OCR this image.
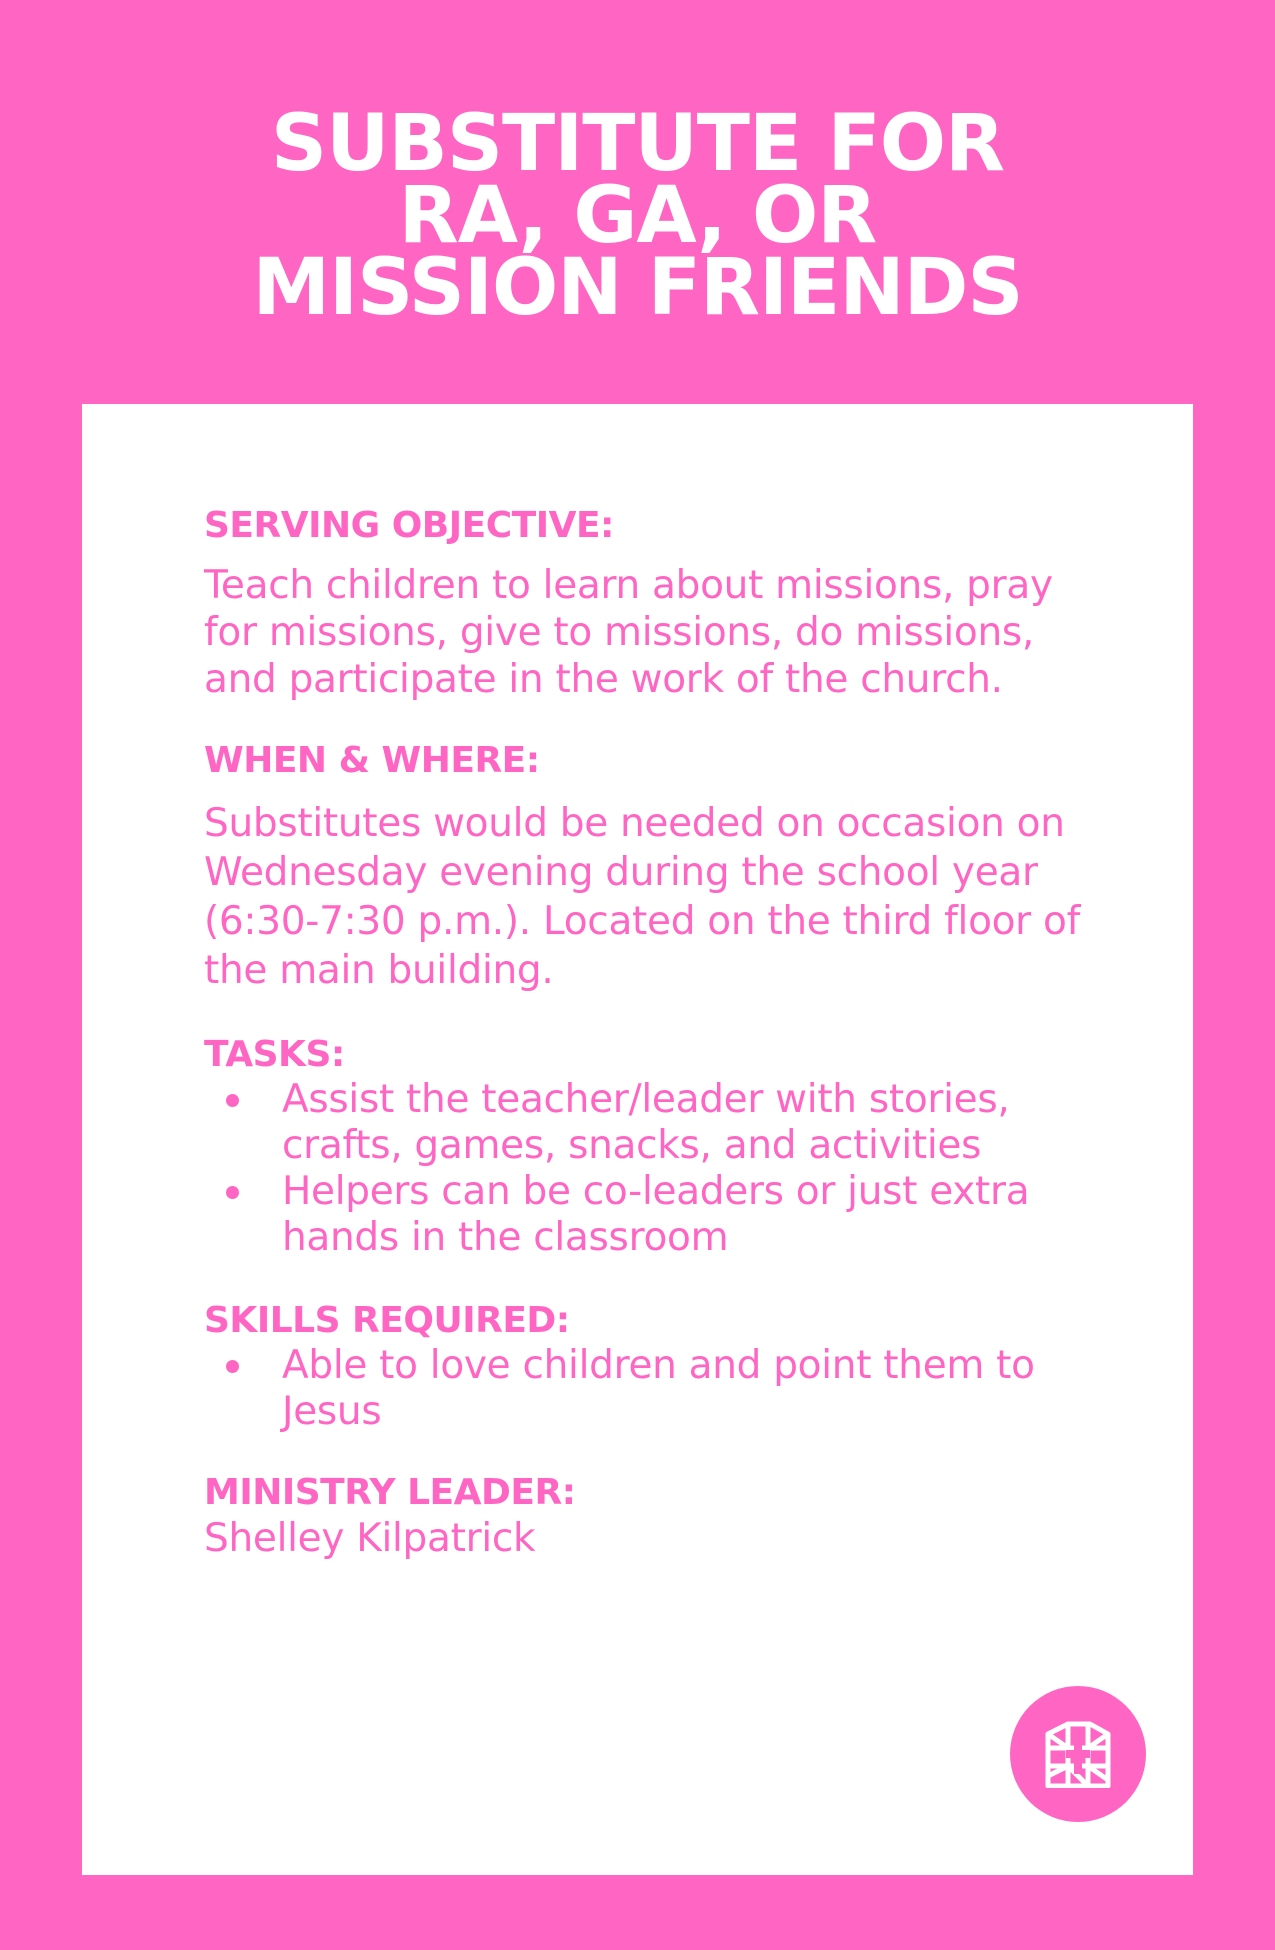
SUBSTITUTE FOR
RA, GA, OR
MISSION FRIENDS

SERVING OBJECTIVE:

Teach children to learn about missions, pray for missions, give to missions, do missions, and participate in the work of the church.

WHEN & WHERE:

Substitutes would be needed on occasion on Wednesday evening during the school year (6:30-7:30 p.m.). Located on the third floor of the main building.

TASKS:

Assist the teacher/leader with stories, crafts, games, snacks, and activities
Helpers can be co-leaders or just extra hands in the classroom

SKILLS REQUIRED:

Able to love children and point them to Jesus

MINISTRY LEADER:

Shelley Kilpatrick
